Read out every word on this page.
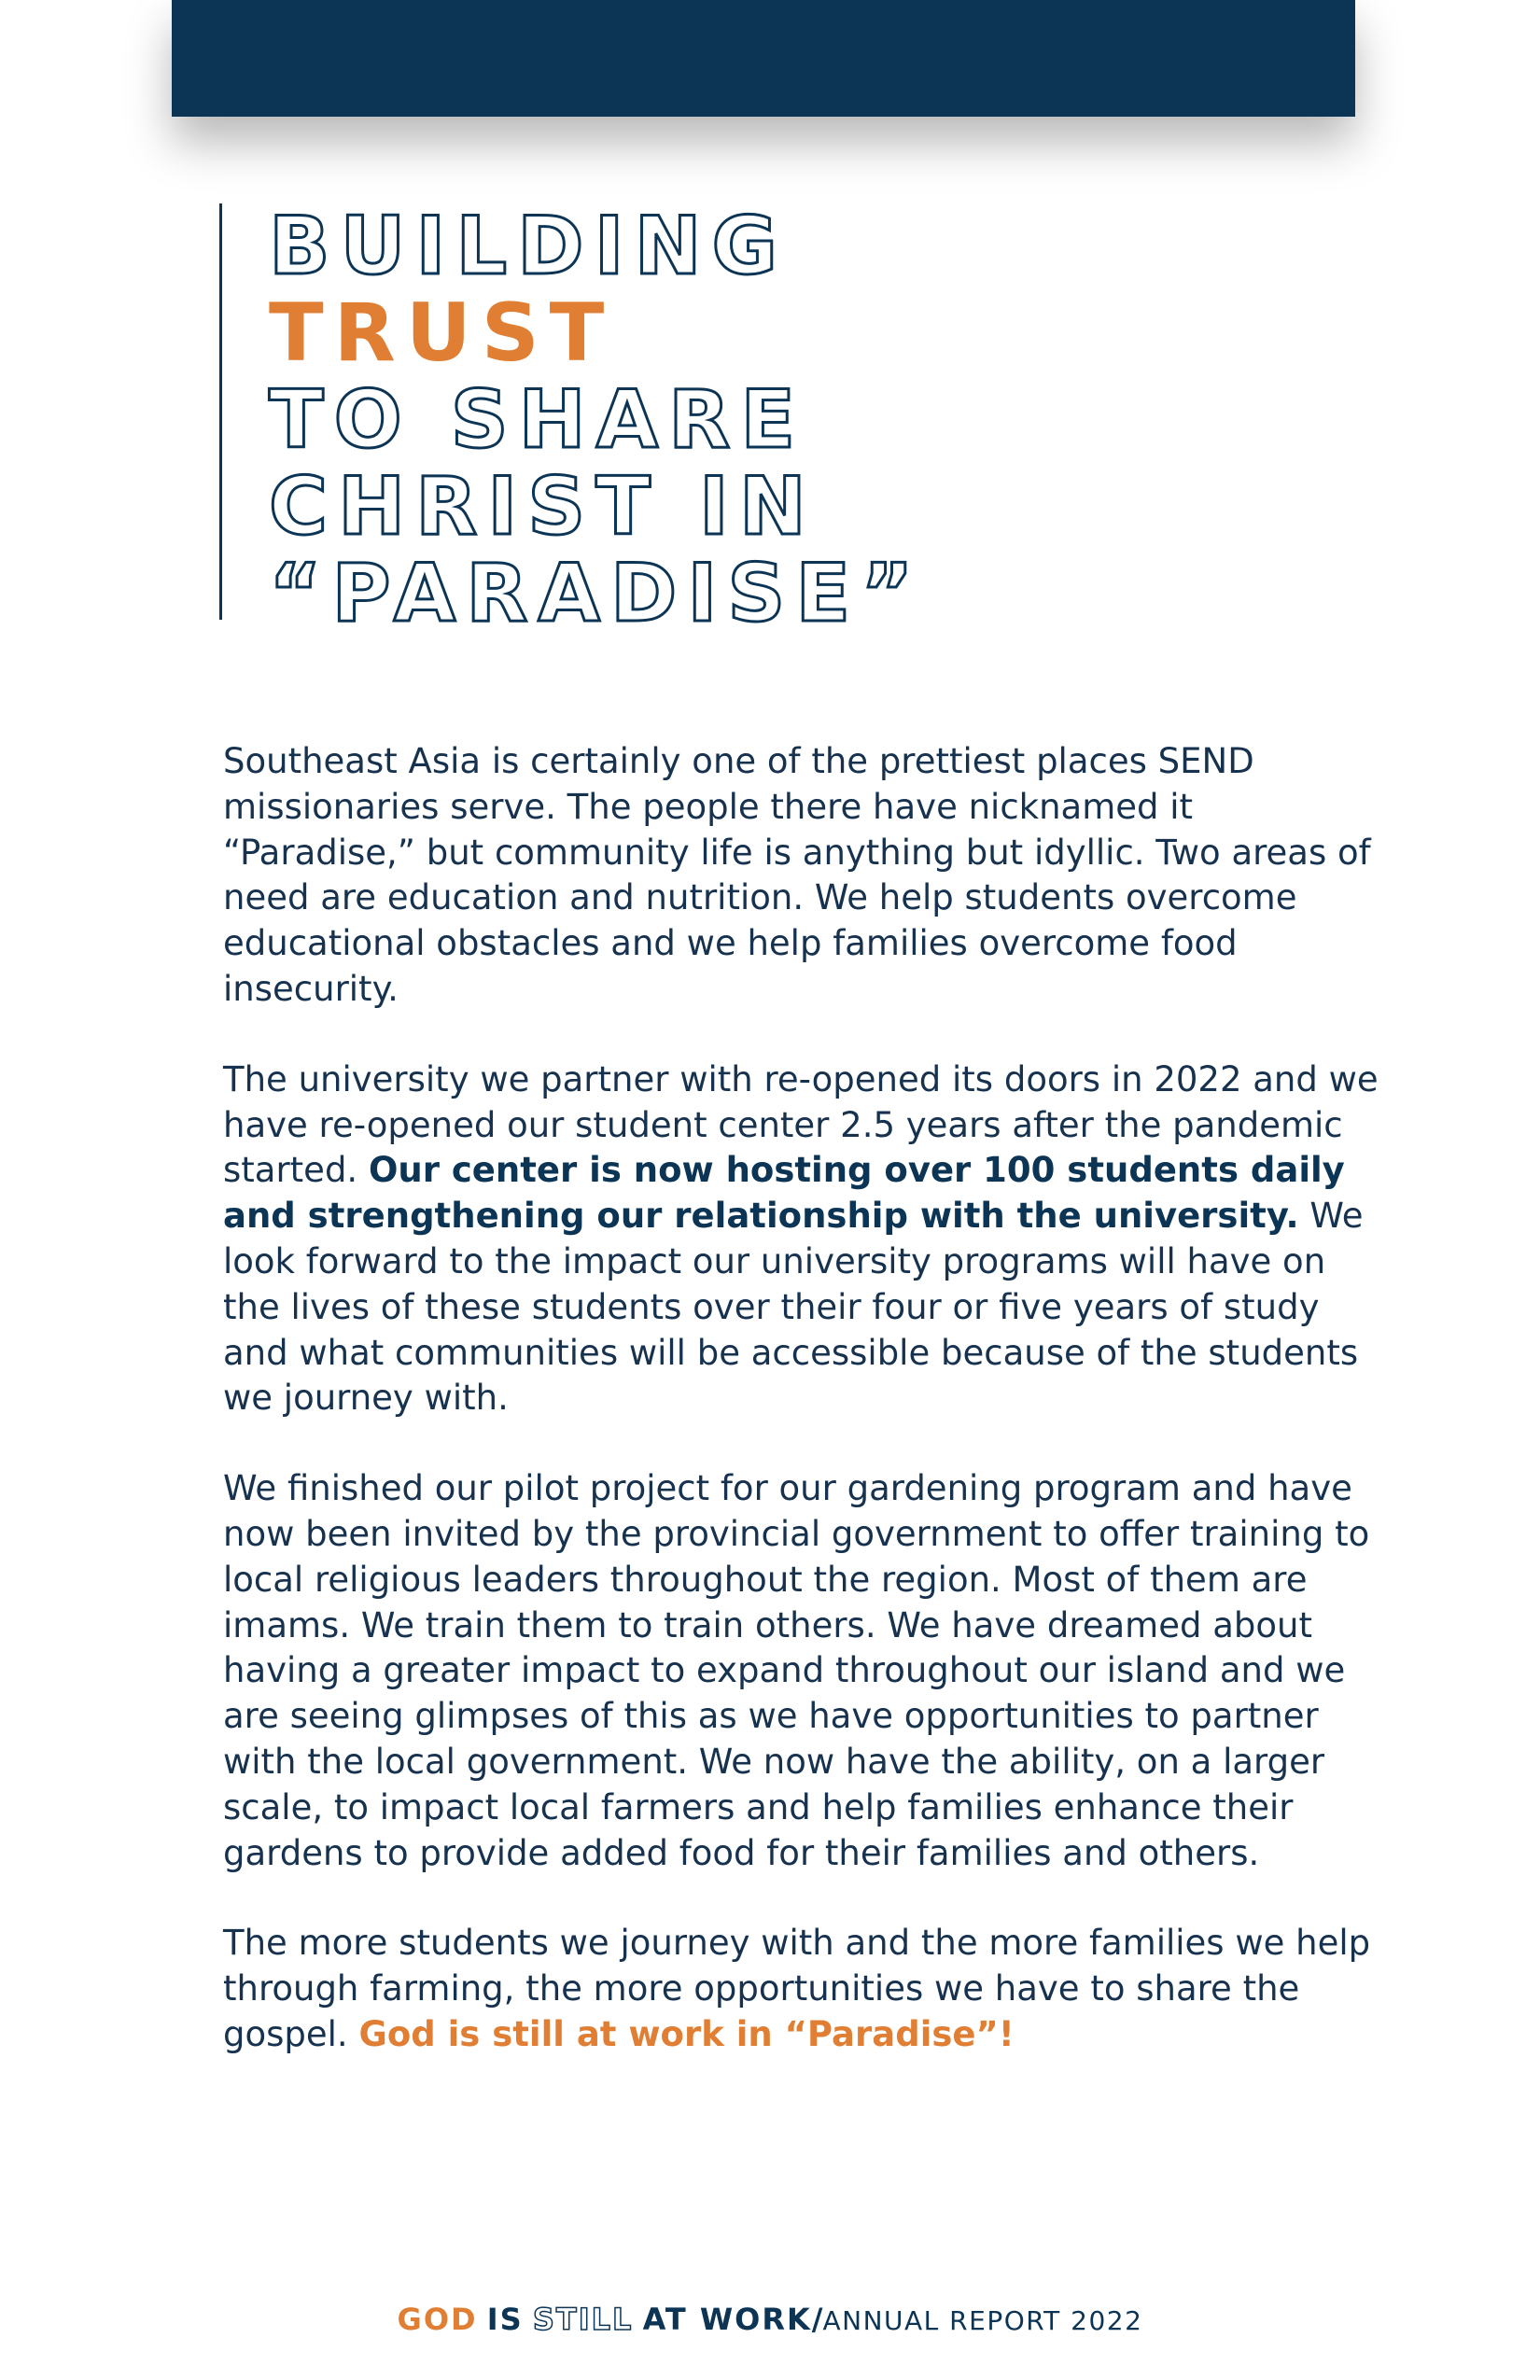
BUILDING
TRUST
TO SHARE
CHRIST IN
“PARADISE”

Southeast Asia is certainly one of the prettiest places SEND missionaries serve. The people there have nicknamed it “Paradise,” but community life is anything but idyllic. Two areas of need are education and nutrition. We help students overcome educational obstacles and we help families overcome food insecurity.

The university we partner with re-opened its doors in 2022 and we have re-opened our student center 2.5 years after the pandemic started. Our center is now hosting over 100 students daily and strengthening our relationship with the university. We look forward to the impact our university programs will have on the lives of these students over their four or five years of study and what communities will be accessible because of the students we journey with.

We finished our pilot project for our gardening program and have now been invited by the provincial government to offer training to local religious leaders throughout the region. Most of them are imams. We train them to train others. We have dreamed about having a greater impact to expand throughout our island and we are seeing glimpses of this as we have opportunities to partner with the local government. We now have the ability, on a larger scale, to impact local farmers and help families enhance their gardens to provide added food for their families and others.

The more students we journey with and the more families we help through farming, the more opportunities we have to share the gospel. God is still at work in “Paradise”!

GOD IS STILL AT WORK/ANNUAL REPORT 2022
